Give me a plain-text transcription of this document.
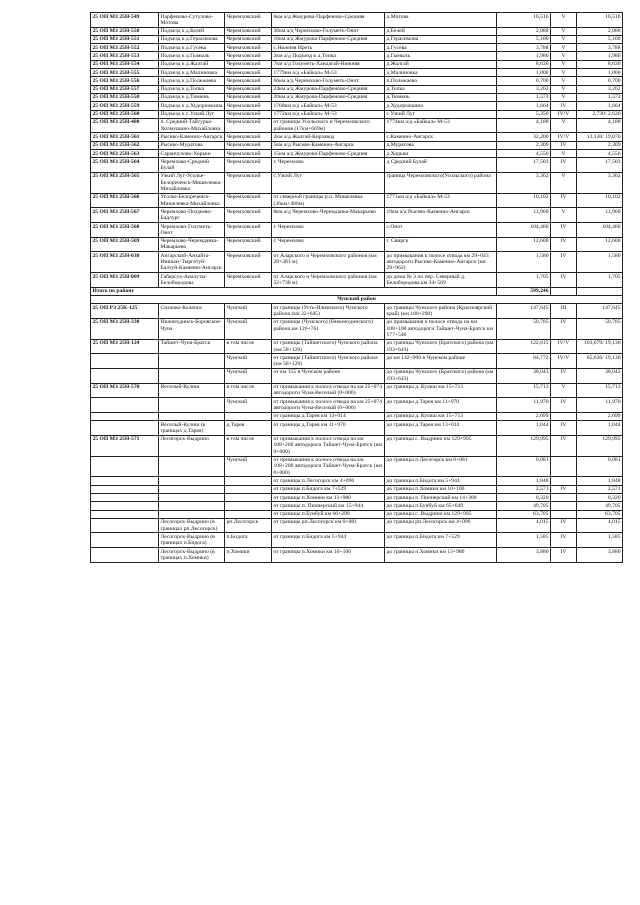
25 ОП МЗ 25Н-549	Парфеново-Сутулово-Мотова	Черемховский	6км а/д Жмурова-Парфеново-Средняя	д.Мотова	16,516	V	16,516
25 ОП МЗ 25Н-550	Подъезд к д.Белей	Черемховский	36км а/д Черемхово-Голуметь-Онот	д.Белей	2,088	V	2,088
25 ОП МЗ 25Н-551	Подъезд к д.Герасимова	Черемховский	16км а/д Жмурова-Парфеново-Средняя	д.Герасимова	5,100	V	5,100
25 ОП МЗ 25Н-552	Подъезд к д.Гусева	Черемховский	с.Нижняя Иреть	д.Гусева	3,788	V	3,788
25 ОП МЗ 25Н-553	Подъезд к д.Гымыль	Черемховский	2км а/д Подъезд к д.Топка	д.Гымыль	1,986	V	1,986
25 ОП МЗ 25Н-554	Подъезд к д.Жалгай	Черемховский	7км а/д Голуметь-Хандагай-Нижняя	д.Жалгай	8,636	V	8,636
25 ОП МЗ 25Н-555	Подъезд к д.Малиновка	Черемховский	1779км а/д «Байкал» М-53	д.Малиновка	1,000	V	1,000
25 ОП МЗ 25Н-556	Подъезд к д.Полежаева	Черемховский	66км а/д Черемхово-Голуметь-Онот	п.Полежаева	0,700	V	0,700
25 ОП МЗ 25Н-557	Подъезд к д.Топка	Черемховский	24км а/д Жмурова-Парфеново-Средняя	д.Топка	3,262	V	3,262
25 ОП МЗ 25Н-558	Подъезд к д.Тюмень	Черемховский	20км а/д Жмурова-Парфеново-Средняя	д.Тюмень	1,573	V	1,573
25 ОП МЗ 25Н-559	Подъезд к д.Худорожкина	Черемховский	1768км а/д «Байкал» М-53	д.Худорожкина	1,664	IV	1,664
25 ОП МЗ 25Н-560	Подъезд к с.Узкий Луг	Черемховский	1772км а/д «Байкал» М-53	с.Узкий Луг	5,350	IV/V	2,730/ 2,620
25 ОП МЗ 25Н-480	п. Средний-Тайтурка-Холмушино-Михайловка	Черемховский	от границы Усольского и Черемховского районов (17км+669м)	1774км а/д «Байкал» М-53	4,188	V	4,188
25 ОП МЗ 25Н-561	Рысево-Каменно-Ангарск	Черемховский	2км а/д Жалгай-Кирзавод	с.Каменно-Ангарск	32,200	IV/V	13,130/ 19,070
25 ОП МЗ 25Н-562	Рысево-Муратова	Черемховский	5км а/д Рысево-Каменно-Ангарск	д.Муратова	2,309	IV	2,309
25 ОП МЗ 25Н-563	Саранчулово-Хорьки	Черемховский	15км а/д Жмурова-Парфеново-Средняя	д.Хорьки	4,556	V	4,556
25 ОП МЗ 25Н-564	Черемхово-Средний Булай	Черемховский	г. Черемхово	д.Средний Булай	17,503	IV	17,503
25 ОП МЗ 25Н-565	Узкий Луг-Усолье-Белореченск-Мишелевка-Михайловка	Черемховский	с.Узкий Луг	граница Черемховского(Усольского) района	3,362	V	3,362
25 ОП МЗ 25Н-566	Усолье-Белореченск-Мишелевка-Михайловка	Черемховский	от северной границы р.п. Мишелевка (36км+486м)	1771км а/д «Байкал» М-53	10,102	IV	10,102
25 ОП МЗ 25Н-567	Черемхово-Поздеево-Бадлург	Черемховский	8км а/д Черемхово-Черемданка-Макарьево	19км а/д Рысево-Каменно-Ангарск	11,900	V	11,900
25 ОП МЗ 25Н-568	Черемхово-Голуметь-Онот	Черемховский	г. Черемхово	с.Онот	104,400	IV	104,400
25 ОП МЗ 25Н-569	Черемхово-Черемданка-Макарьево	Черемховский	г. Черемхово	г. Свирск	12,600	IV	12,600
25 ОП МЗ 25Н-030	Ангарский-Анхайта-Инишат-Тыргетуй-Балтуй-Каменно-Ангарск	Черемховский	от Аларского и Черемховского районов (км 28+381 м)	до примыкания к полосе отвода км 29+043 автодороги Рысево-Каменно-Ангарск (км 29+962)	1,580	IV	1,580
25 ОП МЗ 25Н-009	Габерсук-Аналуты-Белобородова	Черемховский	от Аларского и Черемховского районов (км 32+738 м)	до дома № 3 по пер. Северный д. Белобородова км 34+569	1,705	IV	1,705
Итого по району					599,246		
Чунский район							
25 ОП РЗ 25К-125	Сизлово-Коляпск	Чунский	от границы (Усть-Илимского) Чунского района (км 32+645)	до границы Чунского района (Красноярский край) (км 180+290)	147,645	III	147,645
25 ОП МЗ 25Н-330	Нижнеудинск-Боровское-Чуна	Чунский	от границы (Чунского) (Нижнеудинского) района км 126+761	до примыкания к полосе отвода на км 108+100 автодороги Тайшет-Чуна-Братск км 177+546	50,785	IV	50,785
25 ОП МЗ 25Н-124	Тайшет-Чуна-Братск	в том числе	от границы (Тайшетского) Чунского района (км 58+128)	до границы Чунского (Братского) района (км 193+643)	122,815	IV/V	103,679/ 19,136
		Чунский	от границы (Тайшетского) Чунского района (км 58+128)	до км 142+900 в Чунском районе	84,772	IV/V	65,636/ 19,136
		Чунский	от км 155 в Чунском районе	до границы Чунского (Братского) района (км 193+643)	38,043	IV	38,043
25 ОП МЗ 25Н-570	Веселый-Кулиш	в том числе	от примыкания к полосе отвода на км 25+074 автодороги Чуна-Веселый (0+000)	до границы д. Кулиш км 15+713	15,713	V	15,713
		Чунский	от примыкания к полосе отвода на км 25+074 автодороги Чуна-Веселый (0+000)	до границы д.Тарея км 11+970	11,970	IV	11,970
			от границы д.Тарея км 13+014	до границы д. Кулиш км 15+713	2,699		2,699
	Веселый-Кулиш (в границах д.Тарея)	д.Тарея	от границы д.Тарея км 11+970	до границы д.Тарея км 13+014	1,044	IV	1,044
25 ОП МЗ 25Н-571	Лесогорск-Выдрино	в том числе	от примыкания к полосе отвода на км 108+200 автодороги Тайшет-Чуна-Братск (км 0+000)	до границы с. Выдрино км 129+995	129,995	IV	129,995
		Чунский	от примыкания к полосе отвода на км 108+200 автодороги Тайшет-Чуна-Братск (км 0+000)	до границы п.Лесогорск км 0+081	0,081		0,081
			от границы п.Лесогорск км 4+096	до границы п.Бидога км 5+944	1,848		1,848
			от границы п.Бидога км 7+529	до границы п.Хомики км 10+100	2,571	IV	2,571
			от границы п.Хомики км 13+980	до границы п. Пионерский км 14+300	0,320		0,320
			от границы п. Пионерский км 15+944	до границы п.Бунбуй км 65+649	49,705		49,705
			от границы п.Бунбуй км 66+290	до границы с. Выдрино км 129+995	63,705		63,705
	Лесогорск-Выдрино (в границах рп.Лесогорск)	рп.Лесогорск	от границы рп.Лесогорск км 0+081	до границы рп.Лесогорск км 4+096	4,015	IV	4,015
	Лесогорск-Выдрино (в границах п.Бидога)	п.Бидога	от границы п.Бидога км 5+944	до границы п.Бидога км 7+529	1,585	IV	1,585
	Лесогорск-Выдрино (в границах п.Хомики)	п.Хомики	от границы п.Хомики км 10+100	до границы п.Хомики км 13+980	3,880	IV	3,880
